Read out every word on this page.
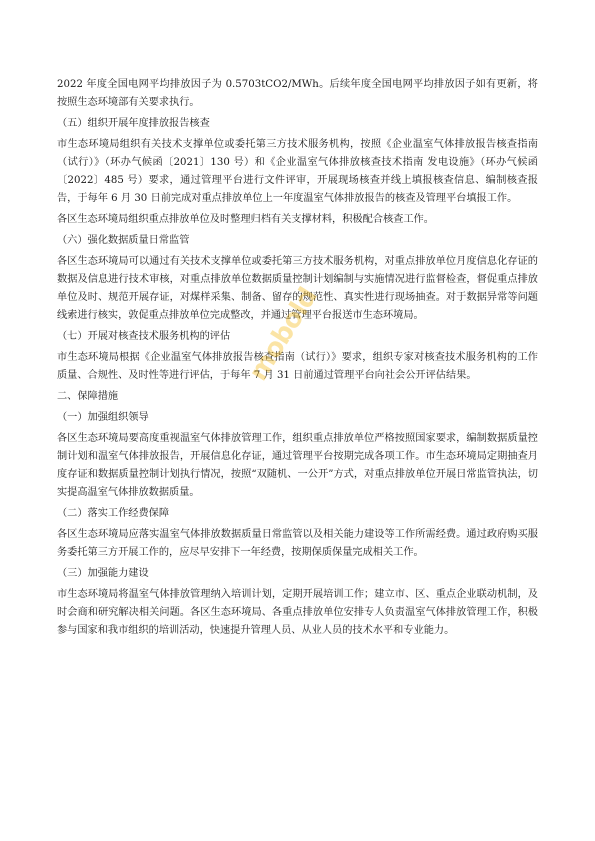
2022 年度全国电网平均排放因子为 0.5703tCO2/MWh。后续年度全国电网平均排放因子如有更新，将按照生态环境部有关要求执行。

（五）组织开展年度排放报告核查

市生态环境局组织有关技术支撑单位或委托第三方技术服务机构，按照《企业温室气体排放报告核查指南（试行）》（环办气候函〔2021〕130 号）和《企业温室气体排放核查技术指南 发电设施》（环办气候函〔2022〕485 号）要求，通过管理平台进行文件评审，开展现场核查并线上填报核查信息、编制核查报告，于每年 6 月 30 日前完成对重点排放单位上一年度温室气体排放报告的核查及管理平台填报工作。

各区生态环境局组织重点排放单位及时整理归档有关支撑材料，积极配合核查工作。

（六）强化数据质量日常监管

各区生态环境局可以通过有关技术支撑单位或委托第三方技术服务机构，对重点排放单位月度信息化存证的数据及信息进行技术审核，对重点排放单位数据质量控制计划编制与实施情况进行监督检查，督促重点排放单位及时、规范开展存证，对煤样采集、制备、留存的规范性、真实性进行现场抽查。对于数据异常等问题线索进行核实，敦促重点排放单位完成整改，并通过管理平台报送市生态环境局。

（七）开展对核查技术服务机构的评估

市生态环境局根据《企业温室气体排放报告核查指南（试行）》要求，组织专家对核查技术服务机构的工作质量、合规性、及时性等进行评估，于每年 7 月 31 日前通过管理平台向社会公开评估结果。

二、保障措施

（一）加强组织领导

各区生态环境局要高度重视温室气体排放管理工作，组织重点排放单位严格按照国家要求，编制数据质量控制计划和温室气体排放报告，开展信息化存证，通过管理平台按期完成各项工作。市生态环境局定期抽查月度存证和数据质量控制计划执行情况，按照“双随机、一公开”方式，对重点排放单位开展日常监管执法，切实提高温室气体排放数据质量。

（二）落实工作经费保障

各区生态环境局应落实温室气体排放数据质量日常监管以及相关能力建设等工作所需经费。通过政府购买服务委托第三方开展工作的，应尽早安排下一年经费，按期保质保量完成相关工作。

（三）加强能力建设

市生态环境局将温室气体排放管理纳入培训计划，定期开展培训工作；建立市、区、重点企业联动机制，及时会商和研究解决相关问题。各区生态环境局、各重点排放单位安排专人负责温室气体排放管理工作，积极参与国家和我市组织的培训活动，快速提升管理人员、从业人员的技术水平和专业能力。

mobold
